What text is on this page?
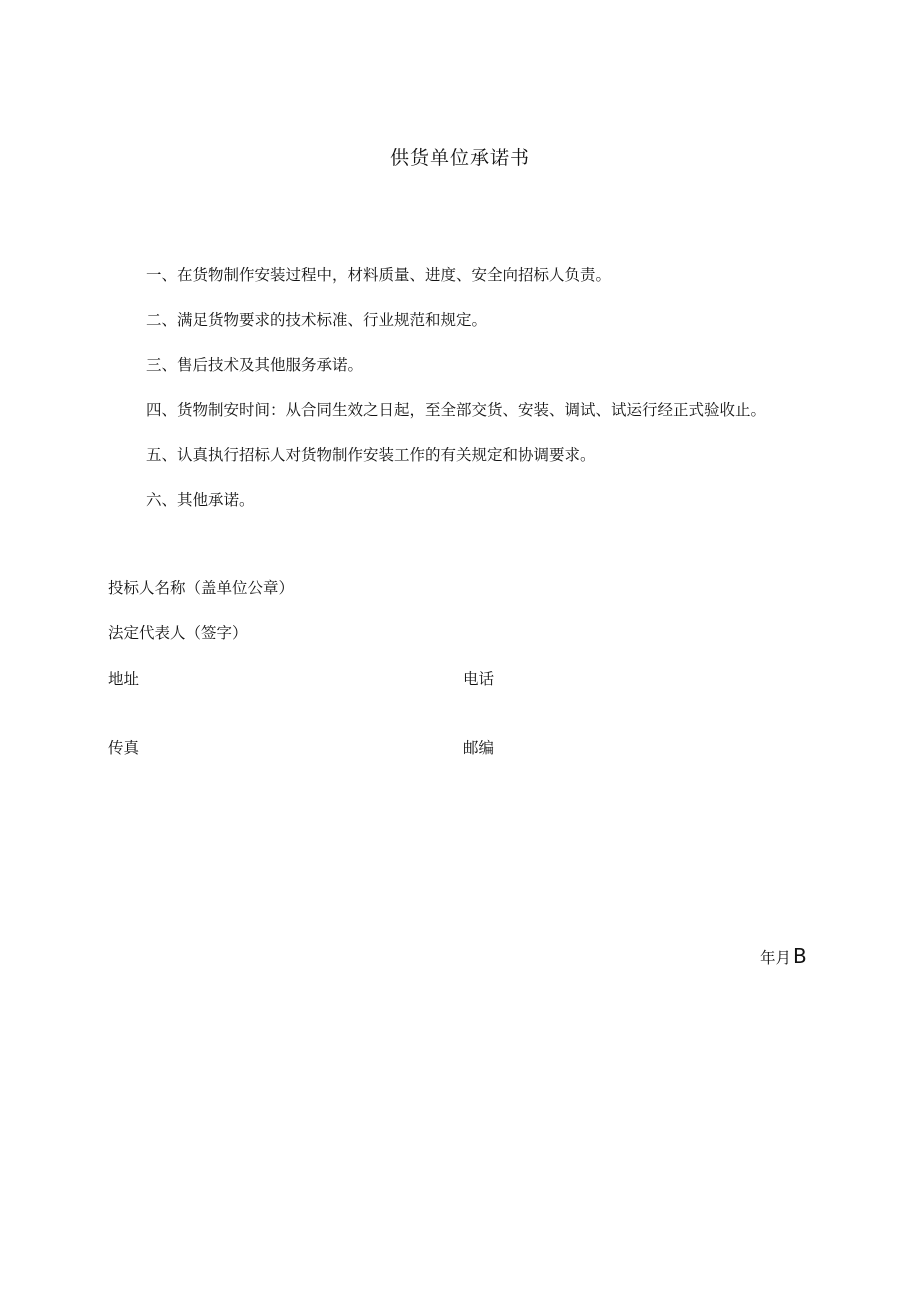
供货单位承诺书
一、在货物制作安装过程中，材料质量、进度、安全向招标人负责。
二、满足货物要求的技术标准、行业规范和规定。
三、售后技术及其他服务承诺。
四、货物制安时间：从合同生效之日起，至全部交货、安装、调试、试运行经正式验收止。
五、认真执行招标人对货物制作安装工作的有关规定和协调要求。
六、其他承诺。
投标人名称（盖单位公章）
法定代表人（签字）
地址	电话
传真	邮编
年月 B
